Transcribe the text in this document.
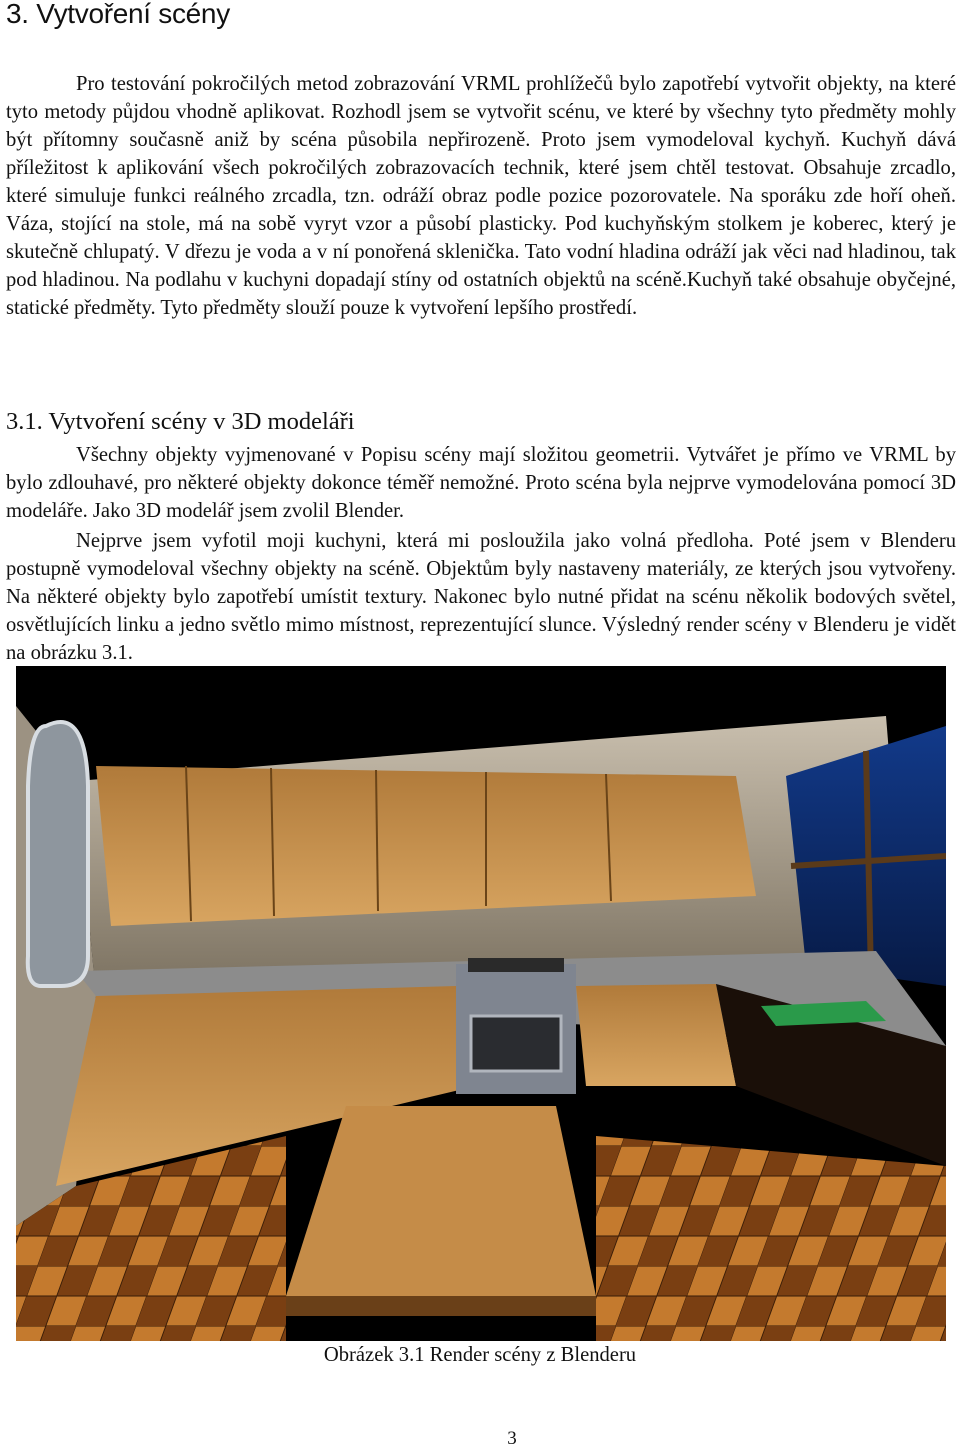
3. Vytvoření scény

Pro testování pokročilých metod zobrazování VRML prohlížečů bylo zapotřebí vytvořit objekty, na které tyto metody půjdou vhodně aplikovat. Rozhodl jsem se vytvořit scénu, ve které by všechny tyto předměty mohly být přítomny současně aniž by scéna působila nepřirozeně. Proto jsem vymodeloval kychyň. Kuchyň dává příležitost k aplikování všech pokročilých zobrazovacích technik, které jsem chtěl testovat. Obsahuje zrcadlo, které simuluje funkci reálného zrcadla, tzn. odráží obraz podle pozice pozorovatele. Na sporáku zde hoří oheň. Váza, stojící na stole, má na sobě vyryt vzor a působí plasticky. Pod kuchyňským stolkem je koberec, který je skutečně chlupatý. V dřezu je voda a v ní ponořená sklenička. Tato vodní hladina odráží jak věci nad hladinou, tak pod hladinou. Na podlahu v kuchyni dopadají stíny od ostatních objektů na scéně.Kuchyň také obsahuje obyčejné, statické předměty. Tyto předměty slouží pouze k vytvoření lepšího prostředí.

3.1. Vytvoření scény v 3D modeláři

Všechny objekty vyjmenované v Popisu scény mají složitou geometrii. Vytvářet je přímo ve VRML by bylo zdlouhavé, pro některé objekty dokonce téměř nemožné. Proto scéna byla nejprve vymodelována pomocí 3D modeláře. Jako 3D modelář jsem zvolil Blender.

Nejprve jsem vyfotil moji kuchyni, která mi posloužila jako volná předloha. Poté jsem v Blenderu postupně vymodeloval všechny objekty na scéně. Objektům byly nastaveny materiály, ze kterých jsou vytvořeny. Na některé objekty bylo zapotřebí umístit textury. Nakonec bylo nutné přidat na scénu několik bodových světel, osvětlujících linku a jedno světlo mimo místnost, reprezentující slunce. Výsledný render scény v Blenderu je vidět na obrázku 3.1.

Obrázek 3.1 Render scény z Blenderu
3
